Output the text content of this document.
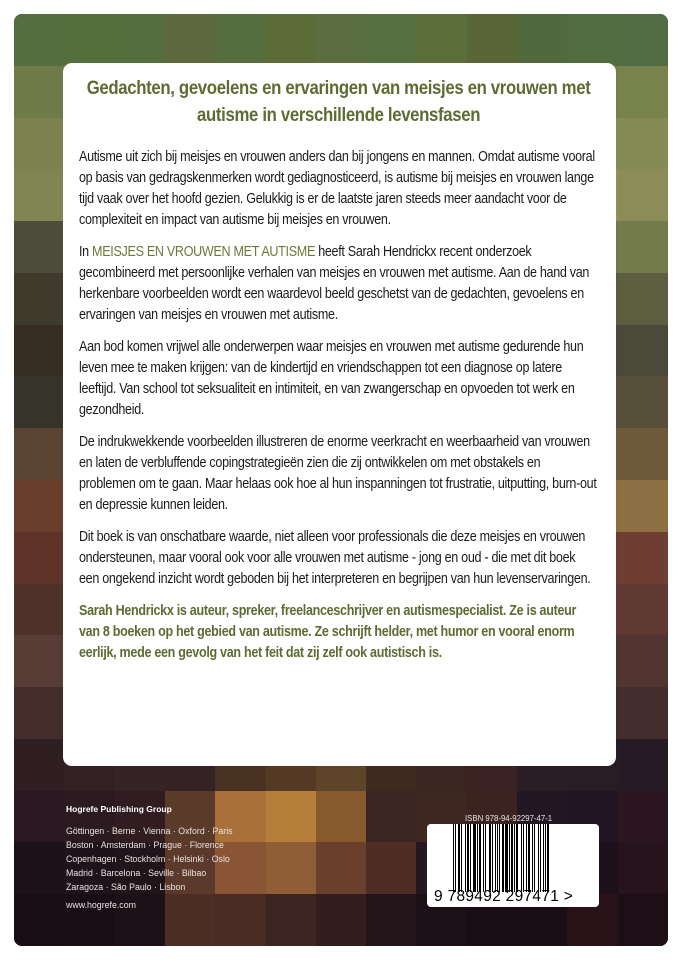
Gedachten, gevoelens en ervaringen van meisjes en vrouwen met autisme in verschillende levensfasen

Autisme uit zich bij meisjes en vrouwen anders dan bij jongens en mannen. Omdat autisme vooral op basis van gedragskenmerken wordt gediagnosticeerd, is autisme bij meisjes en vrouwen lange tijd vaak over het hoofd gezien. Gelukkig is er de laatste jaren steeds meer aandacht voor de complexiteit en impact van autisme bij meisjes en vrouwen.

In MEISJES EN VROUWEN MET AUTISME heeft Sarah Hendrickx recent onderzoek gecombineerd met persoonlijke verhalen van meisjes en vrouwen met autisme. Aan de hand van herkenbare voorbeelden wordt een waardevol beeld geschetst van de gedachten, gevoelens en ervaringen van meisjes en vrouwen met autisme.

Aan bod komen vrijwel alle onderwerpen waar meisjes en vrouwen met autisme gedurende hun leven mee te maken krijgen: van de kindertijd en vriendschappen tot een diagnose op latere leeftijd. Van school tot seksualiteit en intimiteit, en van zwangerschap en opvoeden tot werk en gezondheid.

De indrukwekkende voorbeelden illustreren de enorme veerkracht en weerbaarheid van vrouwen en laten de verbluffende copingstrategieën zien die zij ontwikkelen om met obstakels en problemen om te gaan. Maar helaas ook hoe al hun inspanningen tot frustratie, uitputting, burn-out en depressie kunnen leiden.

Dit boek is van onschatbare waarde, niet alleen voor professionals die deze meisjes en vrouwen ondersteunen, maar vooral ook voor alle vrouwen met autisme - jong en oud - die met dit boek een ongekend inzicht wordt geboden bij het interpreteren en begrijpen van hun levenservaringen.

Sarah Hendrickx is auteur, spreker, freelanceschrijver en autismespecialist. Ze is auteur van 8 boeken op het gebied van autisme. Ze schrijft helder, met humor en vooral enorm eerlijk, mede een gevolg van het feit dat zij zelf ook autistisch is.

Hogrefe Publishing Group
Göttingen · Berne · Vienna · Oxford · Paris
Boston · Amsterdam · Prague · Florence
Copenhagen · Stockholm · Helsinki · Oslo
Madrid · Barcelona · Seville · Bilbao
Zaragoza · São Paulo · Lisbon
www.hogrefe.com
ISBN 978-94-92297-47-1
9 789492 297471 >
